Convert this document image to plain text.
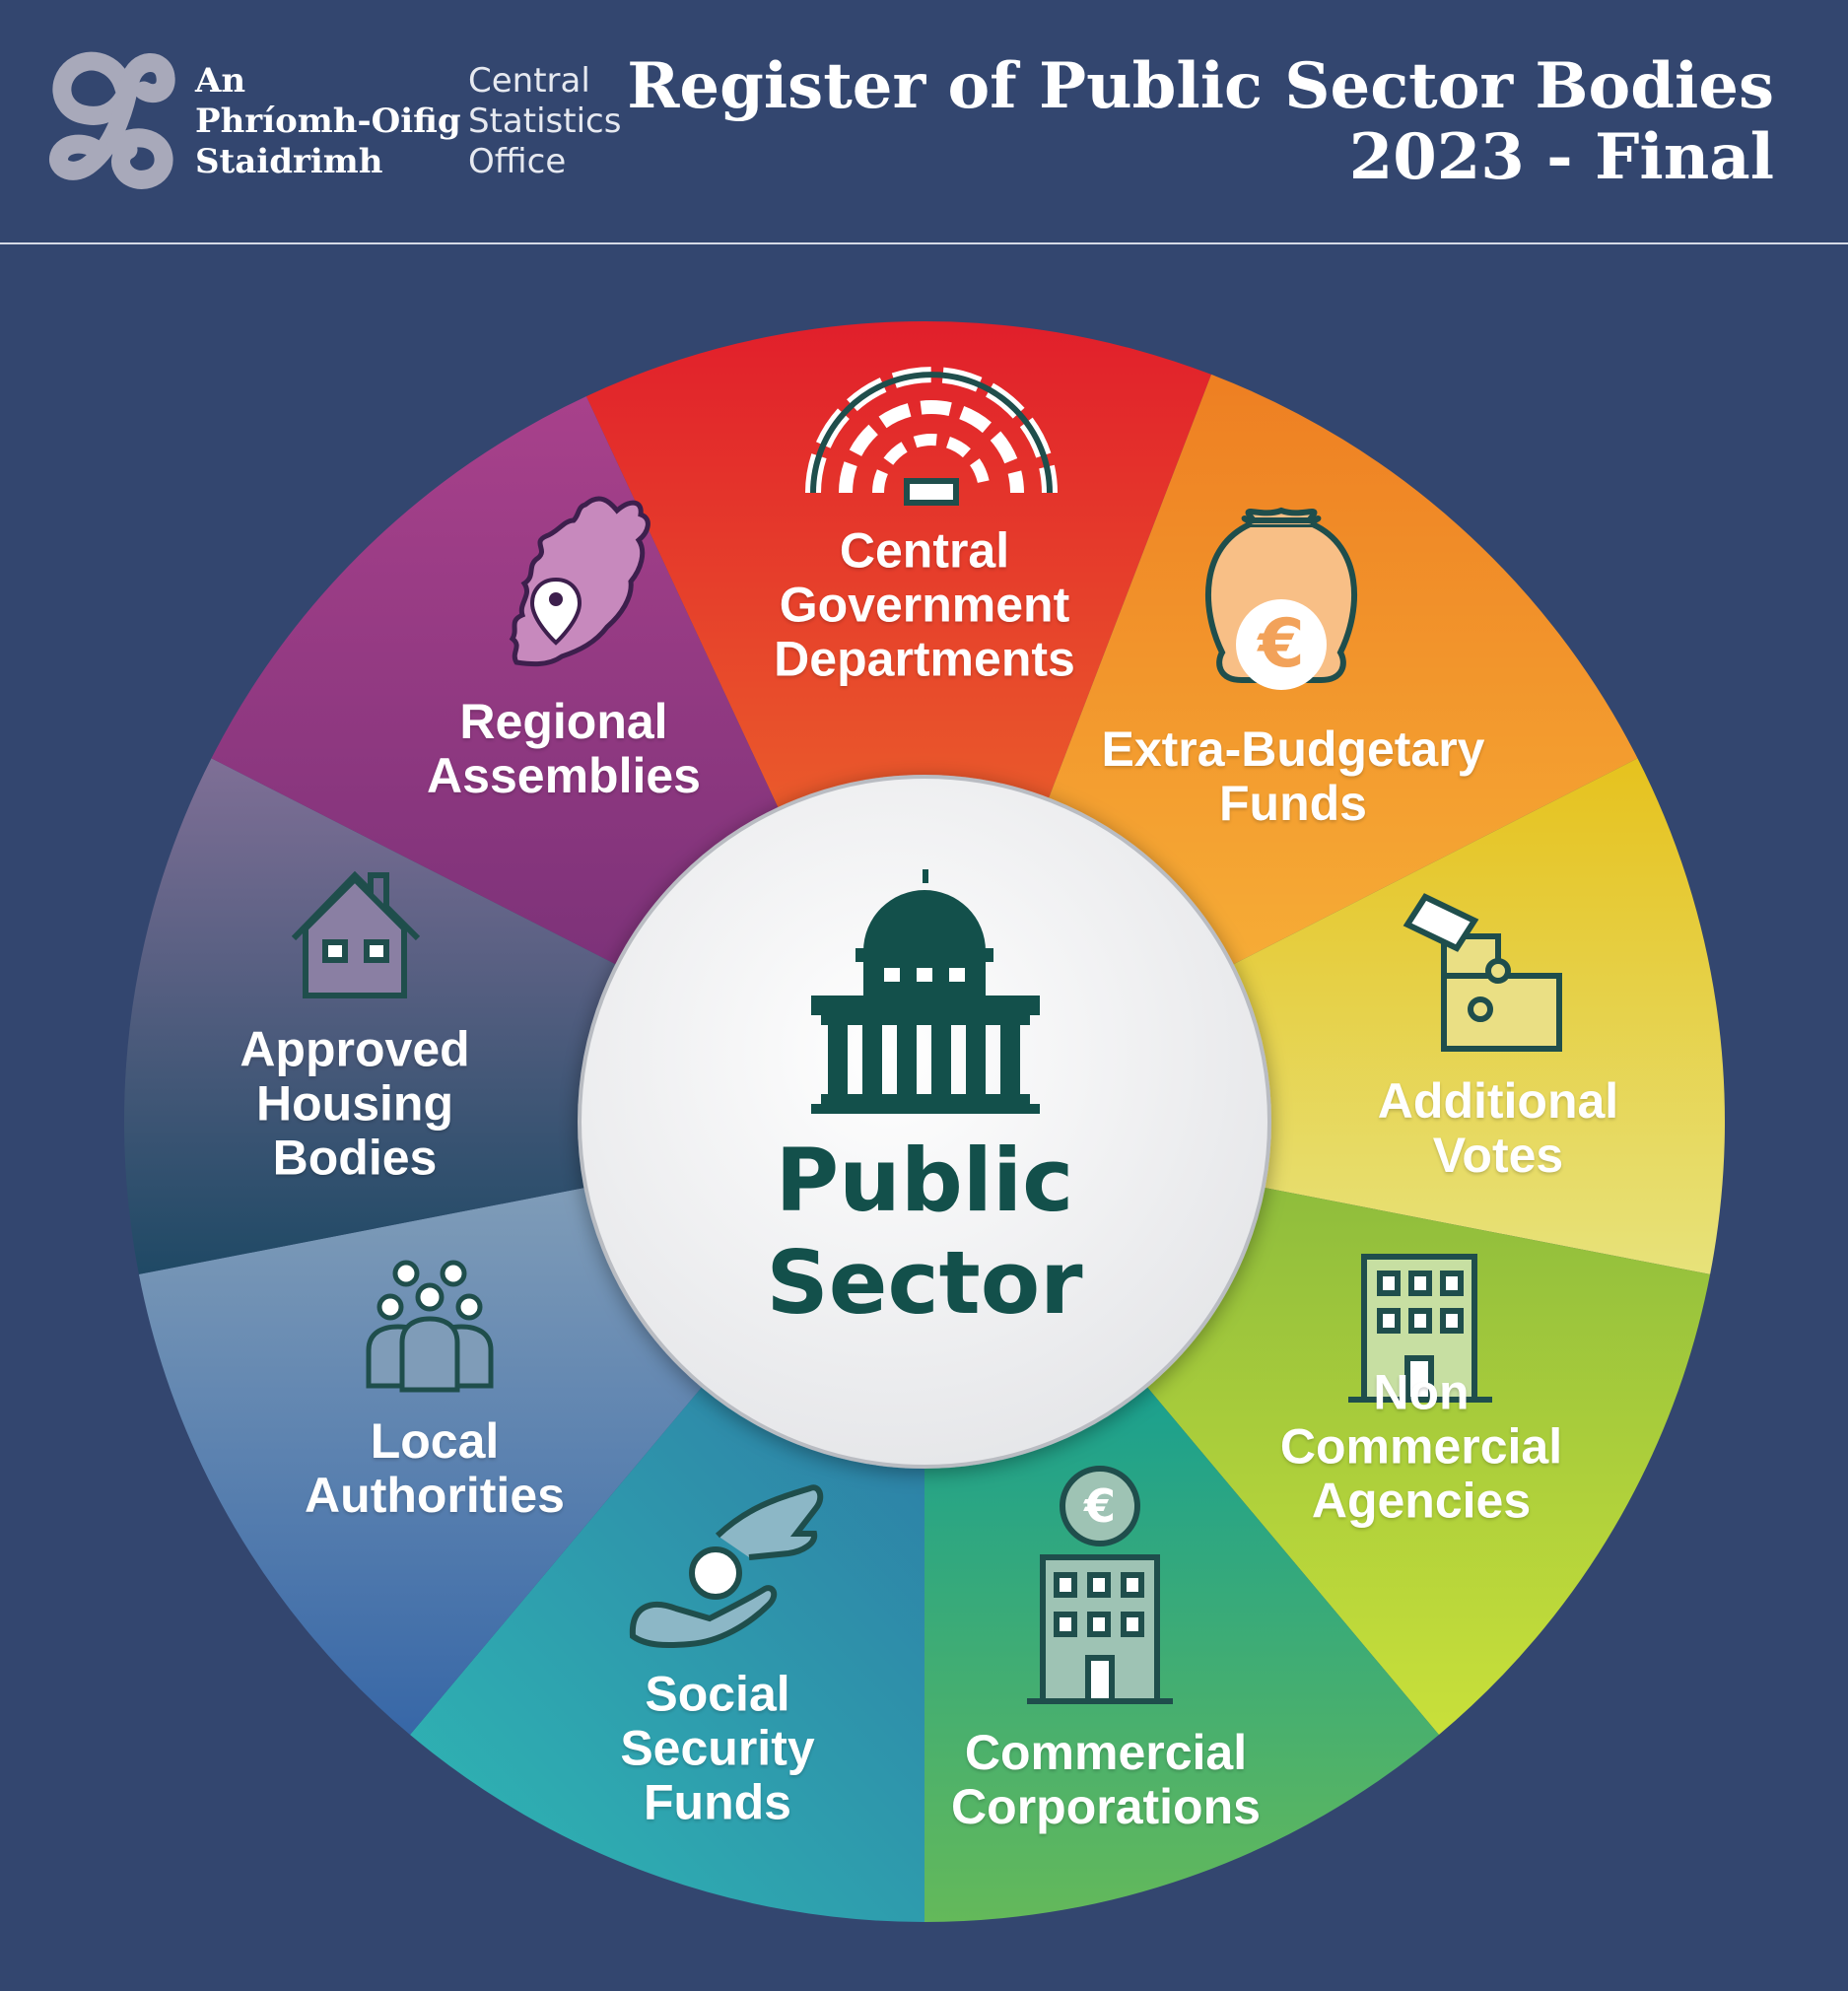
An
Phríomh-Oifig
Staidrimh
Central
Statistics
Office
Register of Public Sector Bodies
2023 - Final
€
€
Central
Government
Departments
Extra-Budgetary
Funds
Additional
Votes
Non
Commercial
Agencies
Commercial
Corporations
Social
Security
Funds
Local
Authorities
Approved
Housing
Bodies
Regional
Assemblies
Public
Sector
